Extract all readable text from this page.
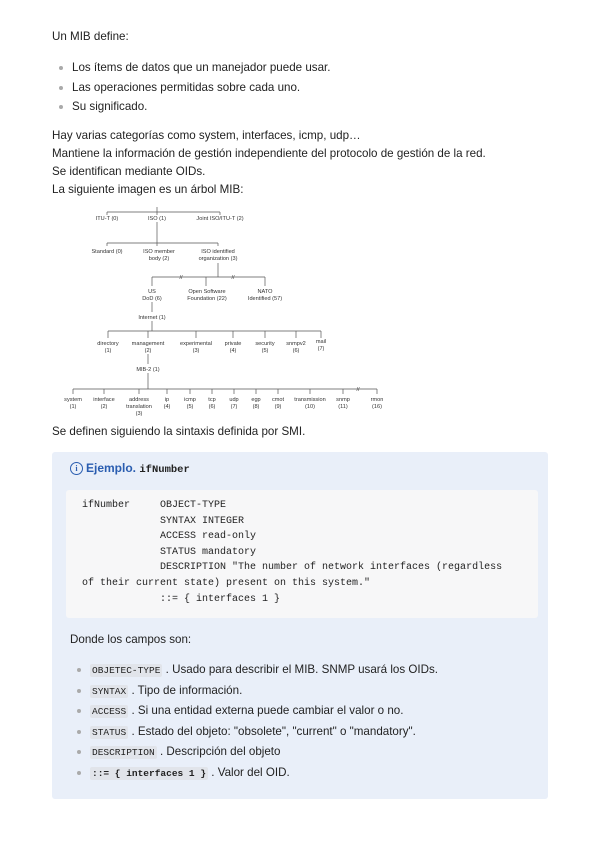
Un MIB define:
Los ítems de datos que un manejador puede usar.
Las operaciones permitidas sobre cada uno.
Su significado.
Hay varias categorías como system, interfaces, icmp, udp…
Mantiene la información de gestión independiente del protocolo de gestión de la red.
Se identifican mediante OIDs.
La siguiente imagen es un árbol MIB:
ITU-T (0)	ISO (1)	Joint ISO/ITU-T (2)
Standard (0)	ISO member
body (2)
ISO identified
organization (3)
//	//
US
DoD (6)
Open Software
Foundation (22)
NATO
Identified (57)
Internet (1)
directory
(1)
management
(2)
experimental
(3)
private
(4)
security
(5)
snmpv2
(6)
mail
(7)
MIB-2 (1)
//
system
(1)
interface
(2)
address
translation
(3)
ip
(4)
icmp
(5)
tcp
(6)
udp
(7)
egp
(8)
cmot
(9)
transmission
(10)
snmp
(11)
rmon
(16)
Se definen siguiendo la sintaxis definida por SMI.
i Ejemplo. ifNumber
ifNumber     OBJECT-TYPE
SYNTAX INTEGER
ACCESS read-only
STATUS mandatory
DESCRIPTION "The number of network interfaces (regardless
of their current state) present on this system."
::= { interfaces 1 }
Donde los campos son:
OBJETEC-TYPE . Usado para describir el MIB. SNMP usará los OIDs.
SYNTAX . Tipo de información.
ACCESS . Si una entidad externa puede cambiar el valor o no.
STATUS . Estado del objeto: "obsolete", "current" o "mandatory".
DESCRIPTION . Descripción del objeto
::= { interfaces 1 } . Valor del OID.
